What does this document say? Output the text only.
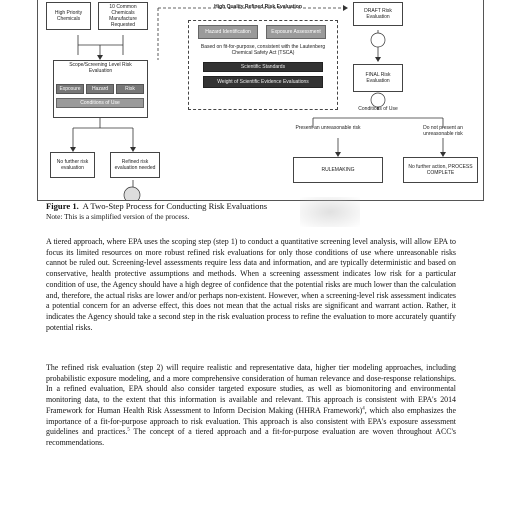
High Priority Chemicals
10 Common Chemicals Manufacture Requested
High Quality Refined Risk Evaluation
Hazard Identification	Exposure Assessment
Based on fit-for-purpose, consistent with the Lautenberg Chemical Safety Act (TSCA)
Scientific Standards
Weight of Scientific Evidence Evaluations
DRAFT Risk Evaluation
FINAL Risk Evaluation
Conditions of Use
Scope/Screening Level Risk Evaluation
Exposure	Hazard	Risk
Conditions of Use
No further risk evaluation
Refined risk evaluation needed
Present an unreasonable risk	Do not present an unreasonable risk
RULEMAKING	No further action, PROCESS COMPLETE
Figure 1. A Two-Step Process for Conducting Risk Evaluations
Note: This is a simplified version of the process.
A tiered approach, where EPA uses the scoping step (step 1) to conduct a quantitative screening level analysis, will allow EPA to focus its limited resources on more robust refined risk evaluations for only those conditions of use where unreasonable risks cannot be ruled out. Screening-level assessments require less data and information, and are typically deterministic and based on conservative, health protective assumptions and methods. When a screening assessment indicates low risk for a particular condition of use, the Agency should have a high degree of confidence that the potential risks are much lower than the calculation and, therefore, the actual risks are lower and/or perhaps non-existent. However, when a screening-level risk assessment indicates a potential concern for an adverse effect, this does not mean that the actual risks are significant and warrant action. Rather, it indicates the Agency should take a second step in the risk evaluation process to refine the evaluation to more accurately quantify potential risks.
The refined risk evaluation (step 2) will require realistic and representative data, higher tier modeling approaches, including probabilistic exposure modeling, and a more comprehensive consideration of human relevance and dose-response relationships. In a refined evaluation, EPA should also consider targeted exposure studies, as well as biomonitoring and environmental monitoring data, to the extent that this information is available and relevant. This approach is consistent with EPA's 2014 Framework for Human Health Risk Assessment to Inform Decision Making (HHRA Framework)$^4$, which also emphasizes the importance of a fit-for-purpose approach to risk evaluation. This approach is also consistent with EPA's exposure assessment guidelines and practices.$^5$ The concept of a tiered approach and a fit-for-purpose evaluation are woven throughout ACC's recommendations.
